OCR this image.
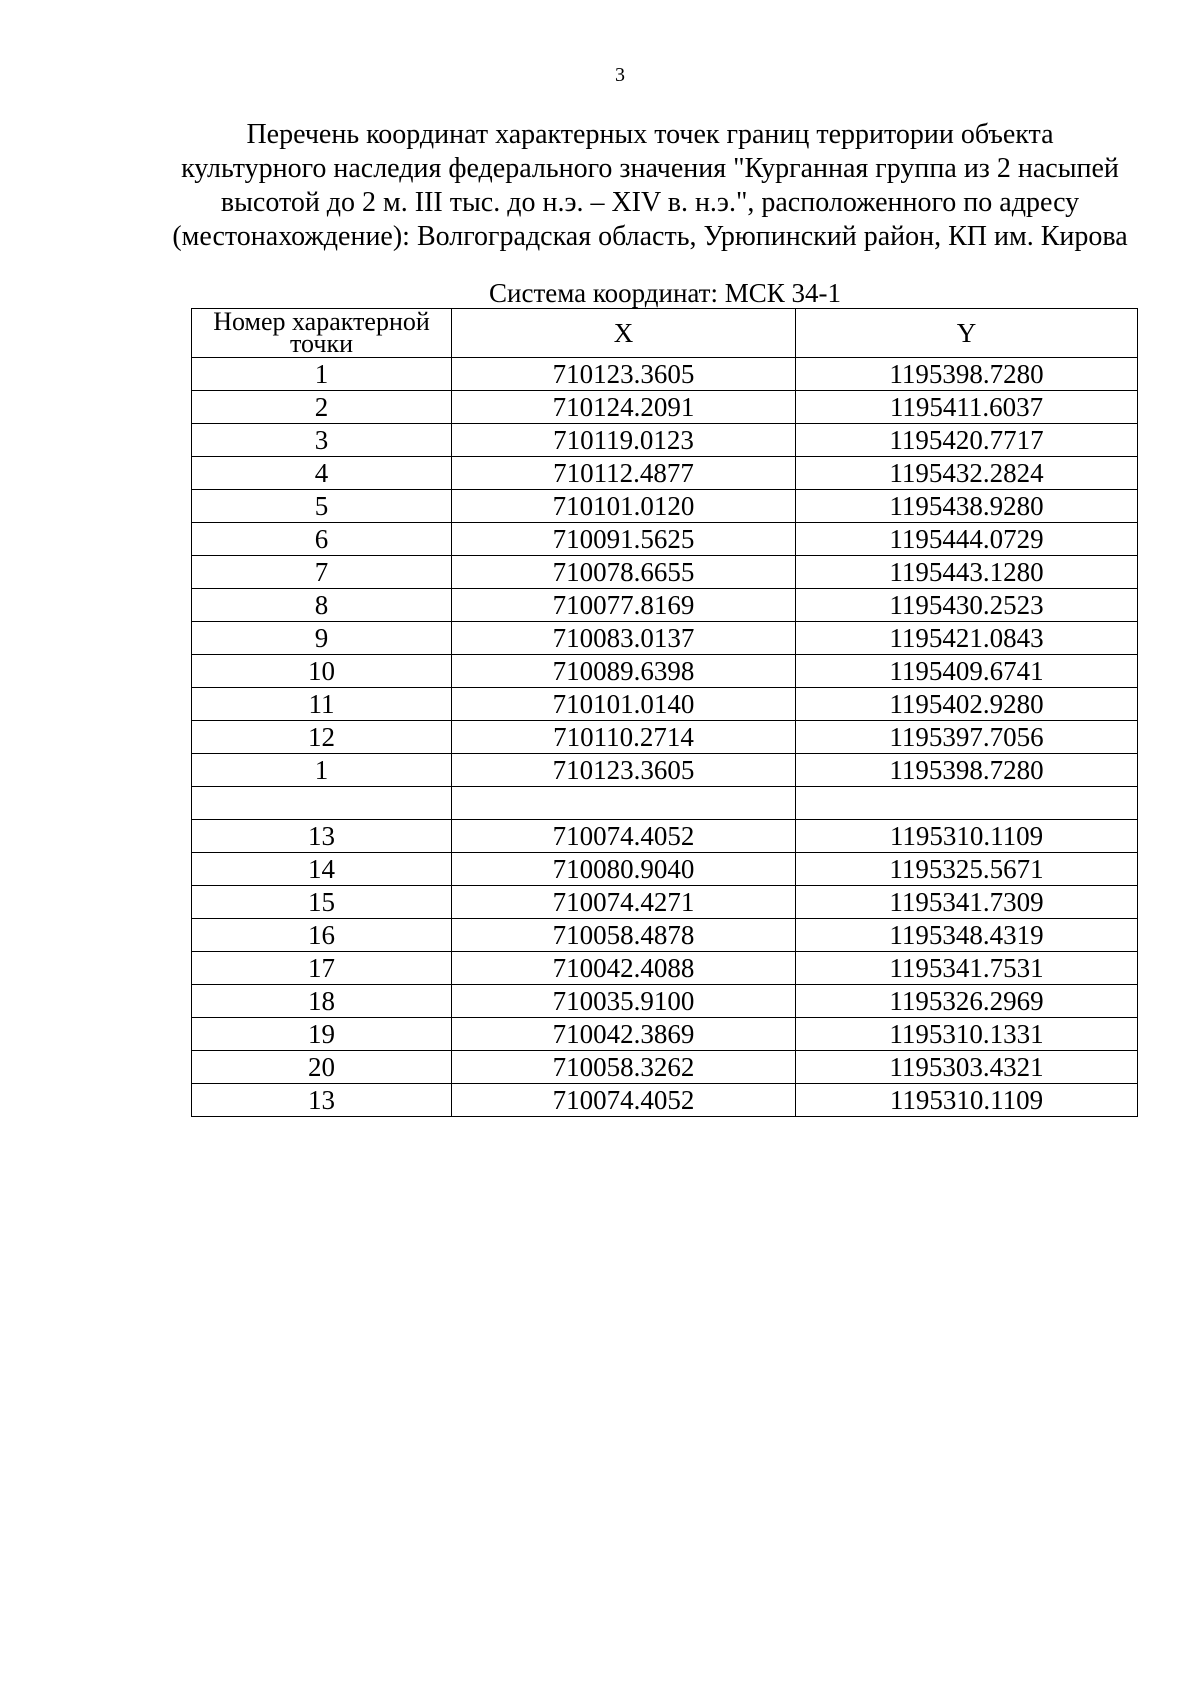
3
Перечень координат характерных точек границ территории объекта
культурного наследия федерального значения "Курганная группа из 2 насыпей
высотой до 2 м. III тыс. до н.э. – XIV в. н.э.", расположенного по адресу
(местонахождение): Волгоградская область, Урюпинский район, КП им. Кирова
Система координат: МСК 34-1
Номер характерной
точки	X	Y
1	710123.3605	1195398.7280
2	710124.2091	1195411.6037
3	710119.0123	1195420.7717
4	710112.4877	1195432.2824
5	710101.0120	1195438.9280
6	710091.5625	1195444.0729
7	710078.6655	1195443.1280
8	710077.8169	1195430.2523
9	710083.0137	1195421.0843
10	710089.6398	1195409.6741
11	710101.0140	1195402.9280
12	710110.2714	1195397.7056
1	710123.3605	1195398.7280

13	710074.4052	1195310.1109
14	710080.9040	1195325.5671
15	710074.4271	1195341.7309
16	710058.4878	1195348.4319
17	710042.4088	1195341.7531
18	710035.9100	1195326.2969
19	710042.3869	1195310.1331
20	710058.3262	1195303.4321
13	710074.4052	1195310.1109
